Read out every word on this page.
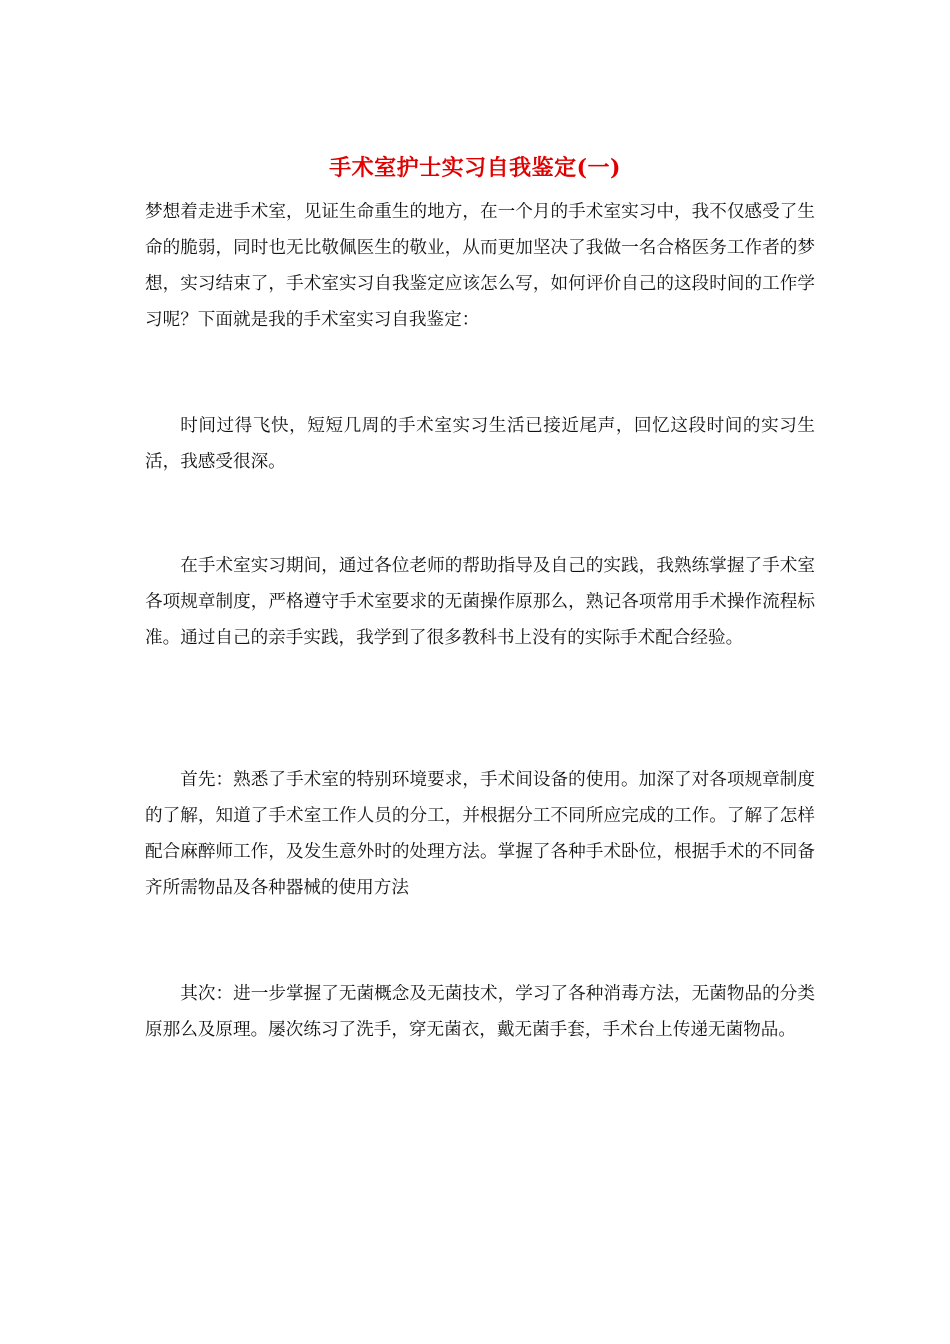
手术室护士实习自我鉴定(一)

梦想着走进手术室，见证生命重生的地方，在一个月的手术室实习中，我不仅感受了生命的脆弱，同时也无比敬佩医生的敬业，从而更加坚决了我做一名合格医务工作者的梦想，实习结束了，手术室实习自我鉴定应该怎么写，如何评价自己的这段时间的工作学习呢？下面就是我的手术室实习自我鉴定：

时间过得飞快，短短几周的手术室实习生活已接近尾声，回忆这段时间的实习生活，我感受很深。

在手术室实习期间，通过各位老师的帮助指导及自己的实践，我熟练掌握了手术室各项规章制度，严格遵守手术室要求的无菌操作原那么，熟记各项常用手术操作流程标准。通过自己的亲手实践，我学到了很多教科书上没有的实际手术配合经验。

首先：熟悉了手术室的特别环境要求，手术间设备的使用。加深了对各项规章制度的了解，知道了手术室工作人员的分工，并根据分工不同所应完成的工作。了解了怎样配合麻醉师工作，及发生意外时的处理方法。掌握了各种手术卧位，根据手术的不同备齐所需物品及各种器械的使用方法

其次：进一步掌握了无菌概念及无菌技术，学习了各种消毒方法，无菌物品的分类原那么及原理。屡次练习了洗手，穿无菌衣，戴无菌手套，手术台上传递无菌物品。
